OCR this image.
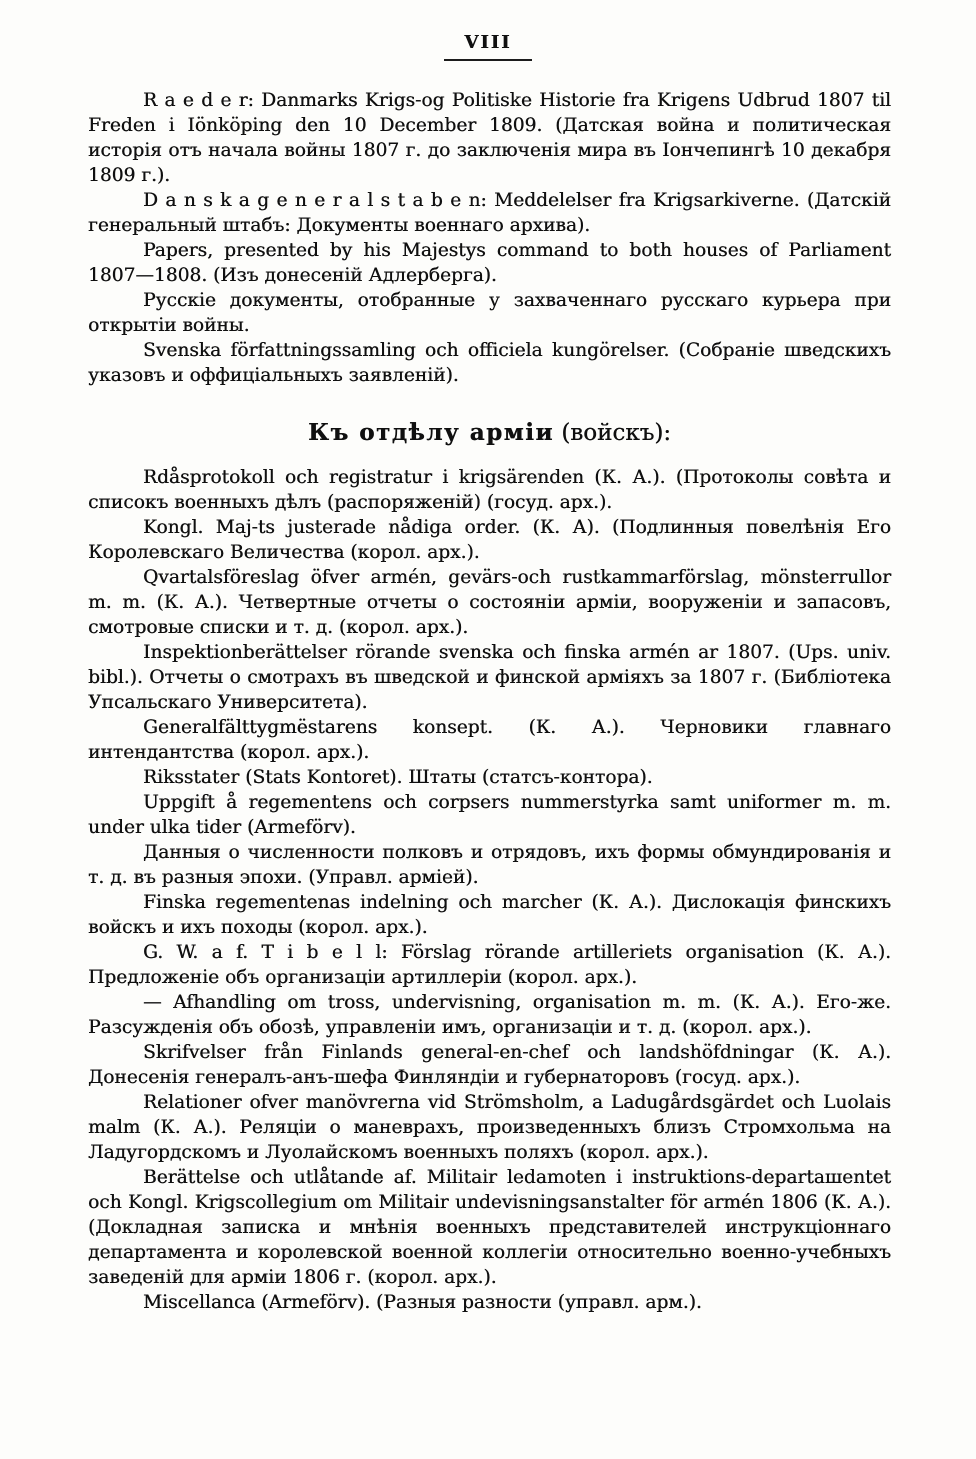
VIII

R a e d e r: Danmarks Krigs-og Politiske Historie fra Krigens Udbrud 1807 til Freden i Iönköping den 10 December 1809. (Датская война и политическая исторія отъ начала войны 1807 г. до заключенія мира въ Іончепингѣ 10 декабря 1809 г.).

D a n s k a g e n e r a l s t a b e n: Meddelelser fra Krigsarkiverne. (Датскій генеральный штабъ: Документы военнаго архива).

Papers, presented by his Majestys command to both houses of Parliament 1807—1808. (Изъ донесеній Адлерберга).

Русскіе документы, отобранные у захваченнаго русскаго курьера при открытіи войны.

Svenska författningssamling och officiela kungörelser. (Собраніе шведскихъ указовъ и оффиціальныхъ заявленій).

Къ отдѣлу арміи (войскъ):

Rdåsprotokoll och registratur i krigsärenden (К. А.). (Протоколы совѣта и списокъ военныхъ дѣлъ (распоряженій) (госуд. арх.).

Kongl. Maj-ts justerade nådiga order. (К. А). (Подлинныя повелѣнія Его Королевскаго Величества (корол. арх.).

Qvartalsföreslag öfver armén, gevärs-och rustkammarförslag, mönsterrullor m. m. (К. А.). Четвертные отчеты о состояніи арміи, вооруженіи и запасовъ, смотровые списки и т. д. (корол. арх.).

Inspektionberättelser rörande svenska och finska armén ar 1807. (Ups. univ. bibl.). Отчеты о смотрахъ въ шведской и финской арміяхъ за 1807 г. (Библіотека Упсальскаго Университета).

Generalfälttygmëstarens konsept. (К. А.). Черновики главнаго интендантства (корол. арх.).

Riksstater (Stats Kontoret). Штаты (статсъ-контора).

Uppgift å regementens och corpsers nummerstyrka samt uniformer m. m. under ulka tider (Armeförv).

Данныя о численности полковъ и отрядовъ, ихъ формы обмундированія и т. д. въ разныя эпохи. (Управл. арміей).

Finska regementenas indelning och marcher (К. А.). Дислокація финскихъ войскъ и ихъ походы (корол. арх.).

G. W. a f. T i b e l l: Förslag rörande artilleriets organisation (К. А.). Предложеніе объ организаціи артиллеріи (корол. арх.).

— Afhandling om tross, undervisning, organisation m. m. (К. А.). Его-же. Разсужденія объ обозѣ, управленіи имъ, организаціи и т. д. (корол. арх.).

Skrifvelser från Finlands general-en-chef och landshöfdningar (К. А.). Донесенія генералъ-анъ-шефа Финляндіи и губернаторовъ (госуд. арх.).

Relationer ofver manövrerna vid Strömsholm, a Ladugårdsgärdet och Luolais malm (К. А.). Реляціи о маневрахъ, произведенныхъ близъ Стромхольма на Ладугордскомъ и Луолайскомъ военныхъ поляхъ (корол. арх.).

Berättelse och utlåtande af. Militair ledamoten i instruktions-departaшentet och Kongl. Krigscollegium om Militair undevisningsanstalter för armén 1806 (К. А.). (Докладная записка и мнѣнія военныхъ представителей инструкціоннаго департамента и королевской военной коллегіи относительно военно-учебныхъ заведеній для арміи 1806 г. (корол. арх.).

Miscellanca (Armeförv). (Разныя разности (управл. арм.).
